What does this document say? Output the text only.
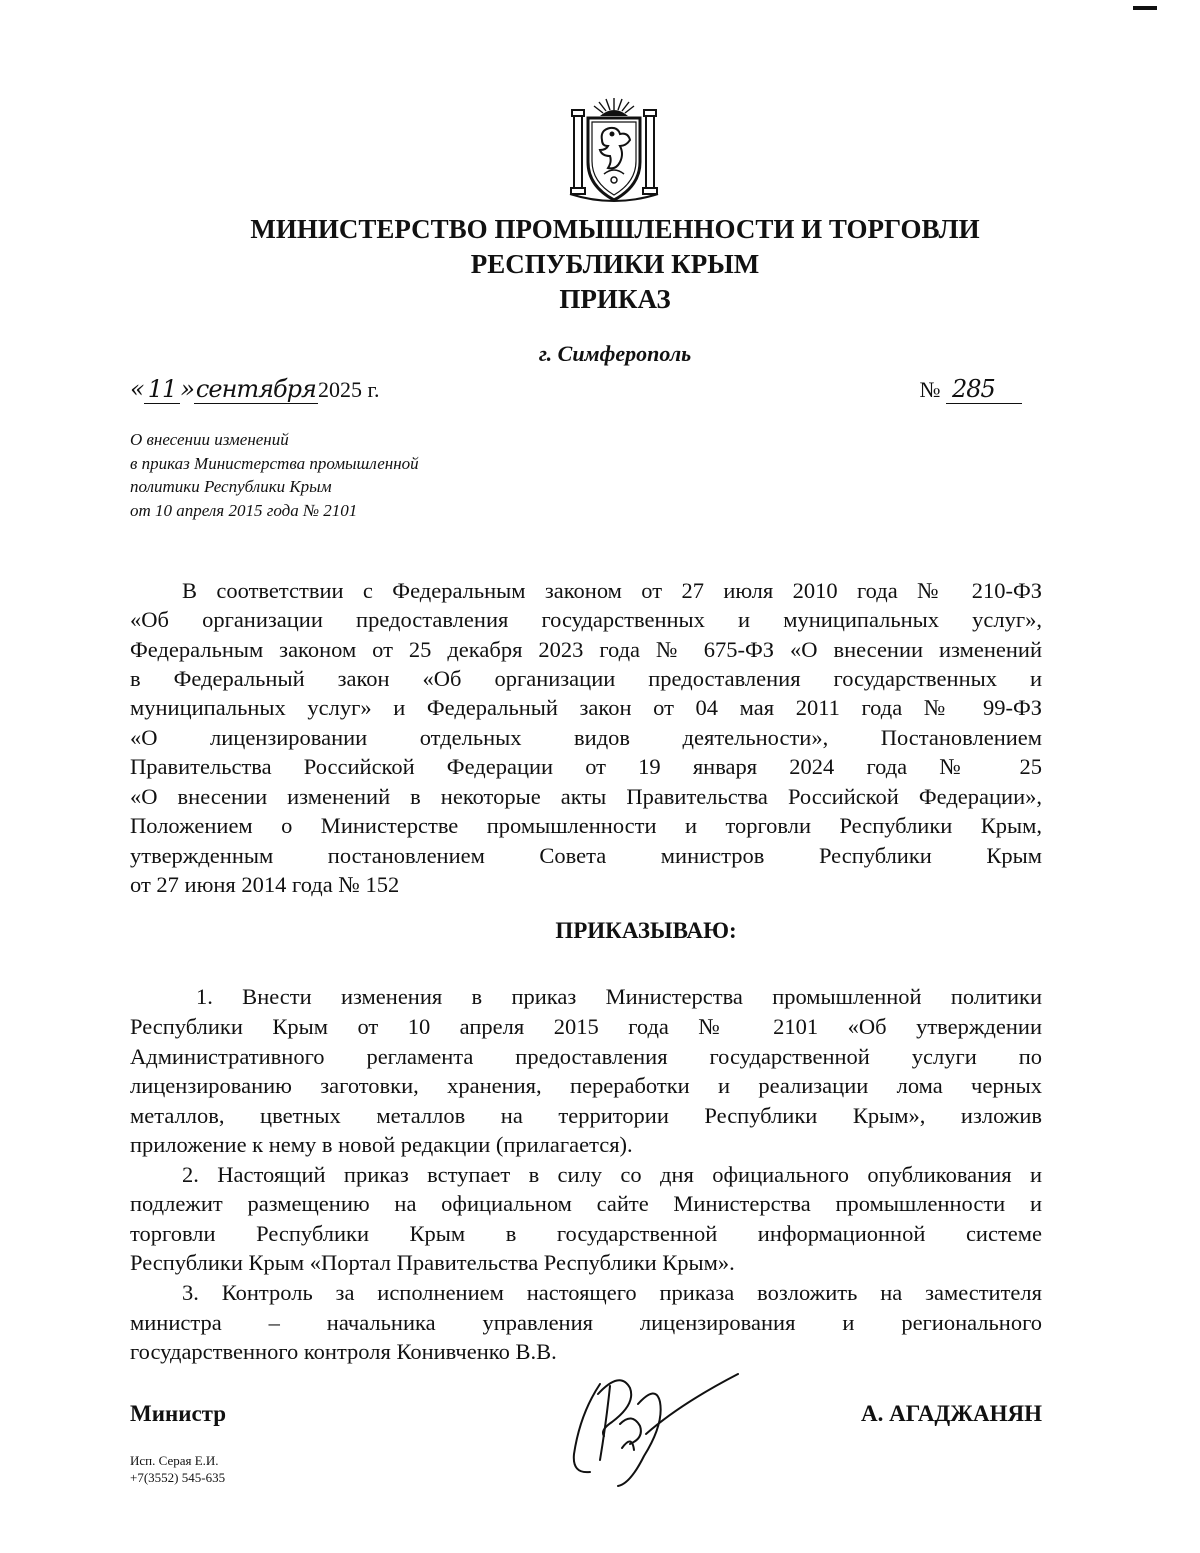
МИНИСТЕРСТВО ПРОМЫШЛЕННОСТИ И ТОРГОВЛИ
РЕСПУБЛИКИ КРЫМ
ПРИКАЗ
г. Симферополь
« 11 »сентября2025 г.	№ 285
О внесении изменений
в приказ Министерства промышленной
политики Республики Крым
от 10 апреля 2015 года № 2101
В соответствии с Федеральным законом от 27 июля 2010 года № 210-ФЗ
«Об организации предоставления государственных и муниципальных услуг»,
Федеральным законом от 25 декабря 2023 года № 675-ФЗ «О внесении изменений
в Федеральный закон «Об организации предоставления государственных и
муниципальных услуг» и Федеральный закон от 04 мая 2011 года № 99-ФЗ
«О лицензировании отдельных видов деятельности», Постановлением
Правительства Российской Федерации от 19 января 2024 года № 25
«О внесении изменений в некоторые акты Правительства Российской Федерации»,
Положением о Министерстве промышленности и торговли Республики Крым,
утвержденным постановлением Совета министров Республики Крым
от 27 июня 2014 года № 152
ПРИКАЗЫВАЮ:
1. Внести изменения в приказ Министерства промышленной политики
Республики Крым от 10 апреля 2015 года № 2101 «Об утверждении
Административного регламента предоставления государственной услуги по
лицензированию заготовки, хранения, переработки и реализации лома черных
металлов, цветных металлов на территории Республики Крым», изложив
приложение к нему в новой редакции (прилагается).
2. Настоящий приказ вступает в силу со дня официального опубликования и
подлежит размещению на официальном сайте Министерства промышленности и
торговли Республики Крым в государственной информационной системе
Республики Крым «Портал Правительства Республики Крым».
3. Контроль за исполнением настоящего приказа возложить на заместителя
министра – начальника управления лицензирования и регионального
государственного контроля Конивченко В.В.
Министр	А. АГАДЖАНЯН
Исп. Серая Е.И.
+7(3552) 545-635
